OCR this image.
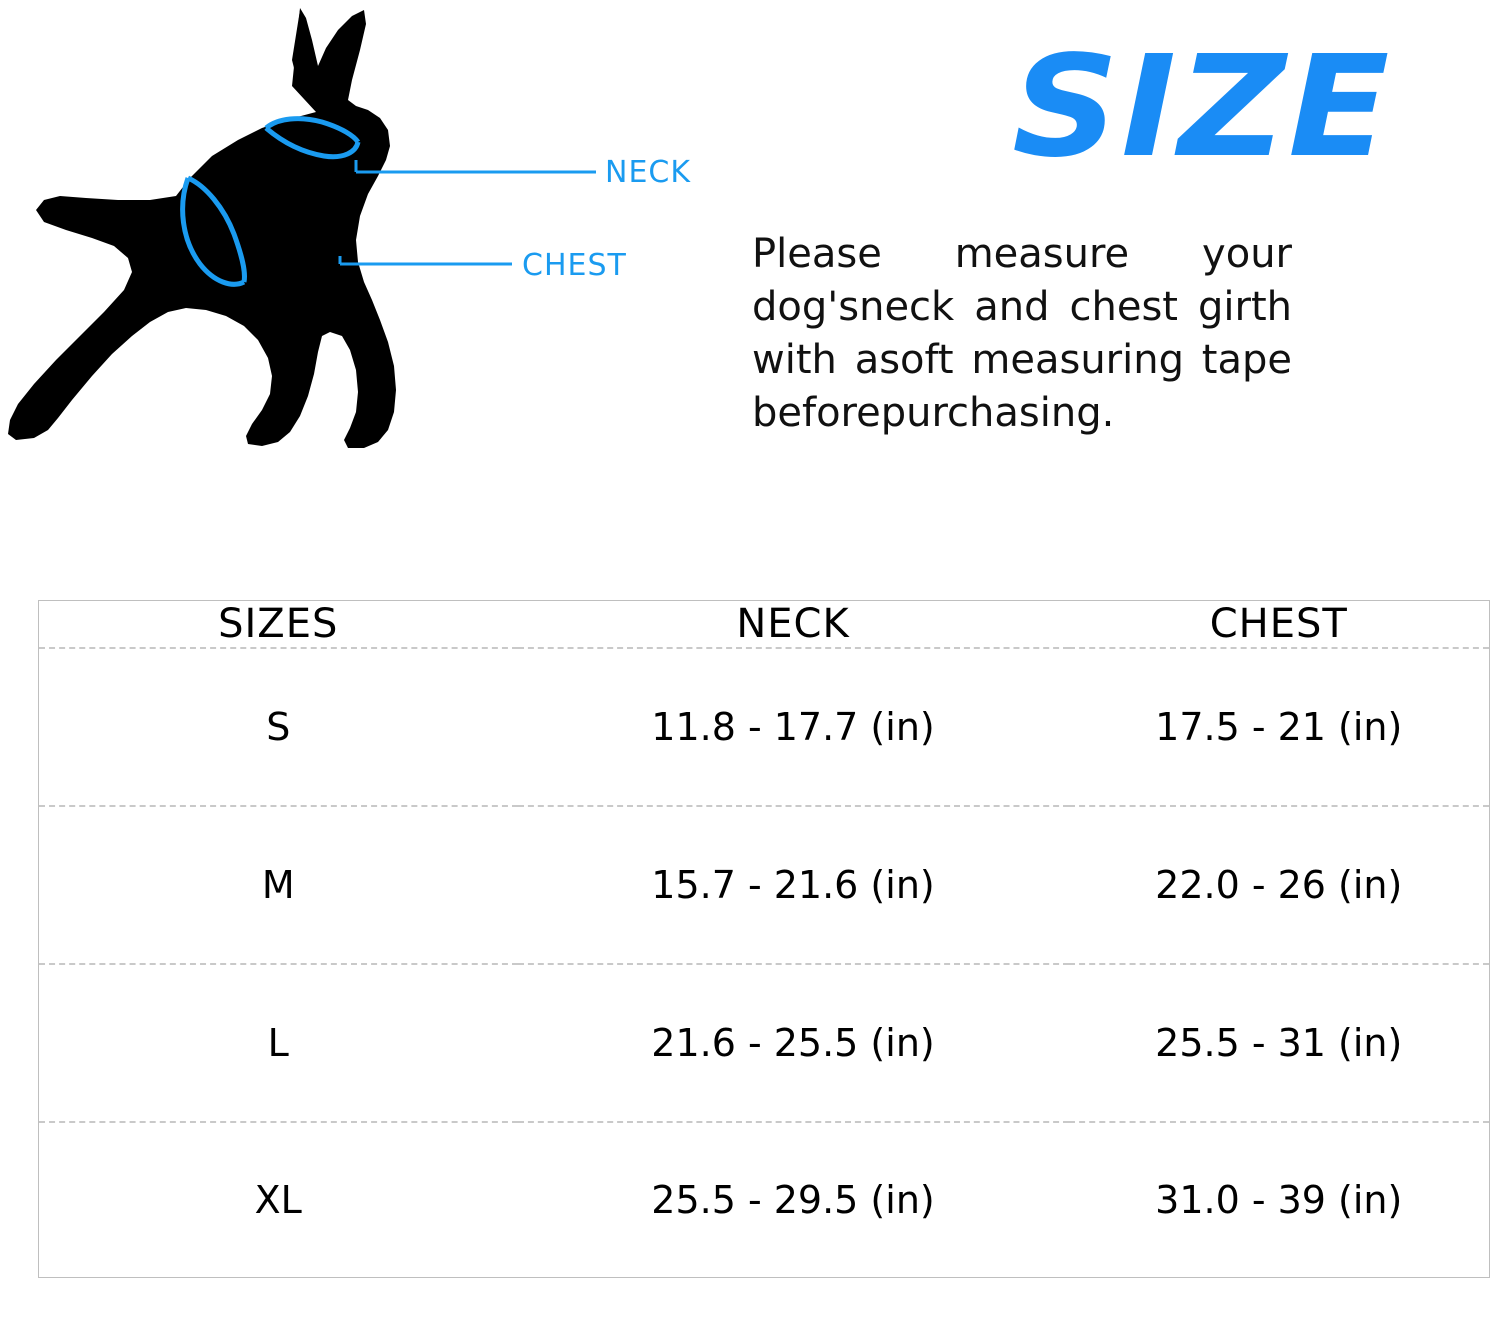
NECK
CHEST
SIZE
Please measure your dog'sneck and chest girth with asoft measuring tape beforepurchasing.
SIZES	NECK	CHEST
S	11.8 - 17.7 (in)	17.5 - 21 (in)
M	15.7 - 21.6 (in)	22.0 - 26 (in)
L	21.6 - 25.5 (in)	25.5 - 31 (in)
XL	25.5 - 29.5 (in)	31.0 - 39 (in)
